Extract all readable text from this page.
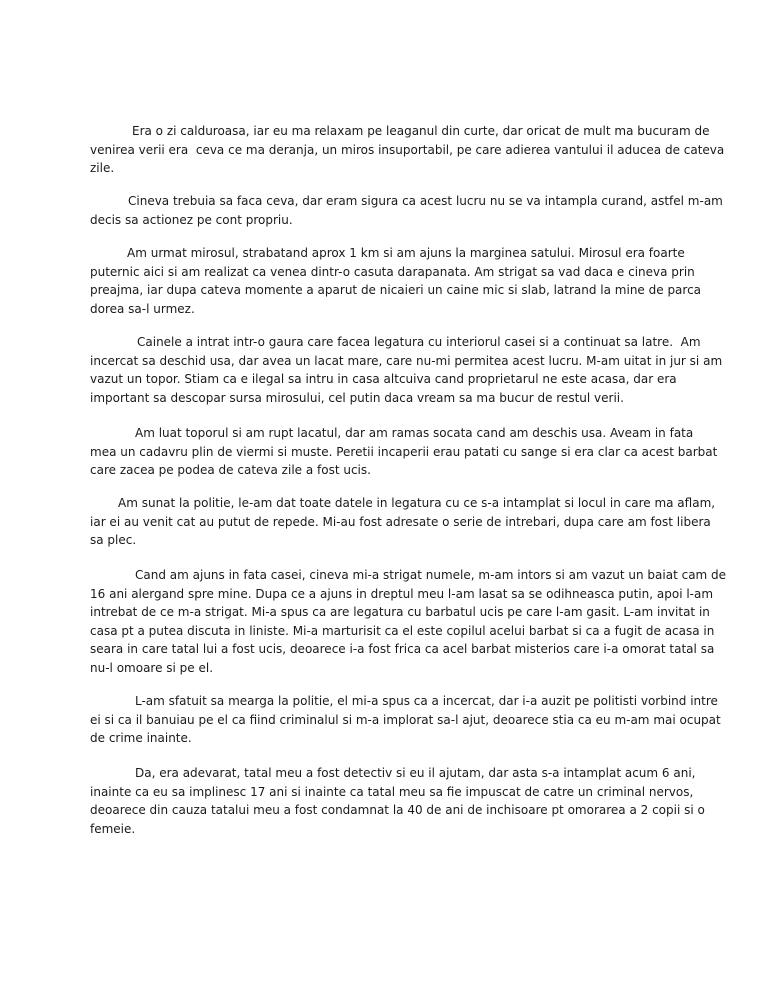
Era o zi calduroasa, iar eu ma relaxam pe leaganul din curte, dar oricat de mult ma bucuram de
venirea verii era  ceva ce ma deranja, un miros insuportabil, pe care adierea vantului il aducea de cateva
zile.
Cineva trebuia sa faca ceva, dar eram sigura ca acest lucru nu se va intampla curand, astfel m-am
decis sa actionez pe cont propriu.
Am urmat mirosul, strabatand aprox 1 km si am ajuns la marginea satului. Mirosul era foarte
puternic aici si am realizat ca venea dintr-o casuta darapanata. Am strigat sa vad daca e cineva prin
preajma, iar dupa cateva momente a aparut de nicaieri un caine mic si slab, latrand la mine de parca
dorea sa-l urmez.
Cainele a intrat intr-o gaura care facea legatura cu interiorul casei si a continuat sa latre.  Am
incercat sa deschid usa, dar avea un lacat mare, care nu-mi permitea acest lucru. M-am uitat in jur si am
vazut un topor. Stiam ca e ilegal sa intru in casa altcuiva cand proprietarul ne este acasa, dar era
important sa descopar sursa mirosului, cel putin daca vream sa ma bucur de restul verii.
Am luat toporul si am rupt lacatul, dar am ramas socata cand am deschis usa. Aveam in fata
mea un cadavru plin de viermi si muste. Peretii incaperii erau patati cu sange si era clar ca acest barbat
care zacea pe podea de cateva zile a fost ucis.
Am sunat la politie, le-am dat toate datele in legatura cu ce s-a intamplat si locul in care ma aflam,
iar ei au venit cat au putut de repede. Mi-au fost adresate o serie de intrebari, dupa care am fost libera
sa plec.
Cand am ajuns in fata casei, cineva mi-a strigat numele, m-am intors si am vazut un baiat cam de
16 ani alergand spre mine. Dupa ce a ajuns in dreptul meu l-am lasat sa se odihneasca putin, apoi l-am
intrebat de ce m-a strigat. Mi-a spus ca are legatura cu barbatul ucis pe care l-am gasit. L-am invitat in
casa pt a putea discuta in liniste. Mi-a marturisit ca el este copilul acelui barbat si ca a fugit de acasa in
seara in care tatal lui a fost ucis, deoarece i-a fost frica ca acel barbat misterios care i-a omorat tatal sa
nu-l omoare si pe el.
L-am sfatuit sa mearga la politie, el mi-a spus ca a incercat, dar i-a auzit pe politisti vorbind intre
ei si ca il banuiau pe el ca fiind criminalul si m-a implorat sa-l ajut, deoarece stia ca eu m-am mai ocupat
de crime inainte.
Da, era adevarat, tatal meu a fost detectiv si eu il ajutam, dar asta s-a intamplat acum 6 ani,
inainte ca eu sa implinesc 17 ani si inainte ca tatal meu sa fie impuscat de catre un criminal nervos,
deoarece din cauza tatalui meu a fost condamnat la 40 de ani de inchisoare pt omorarea a 2 copii si o
femeie.
